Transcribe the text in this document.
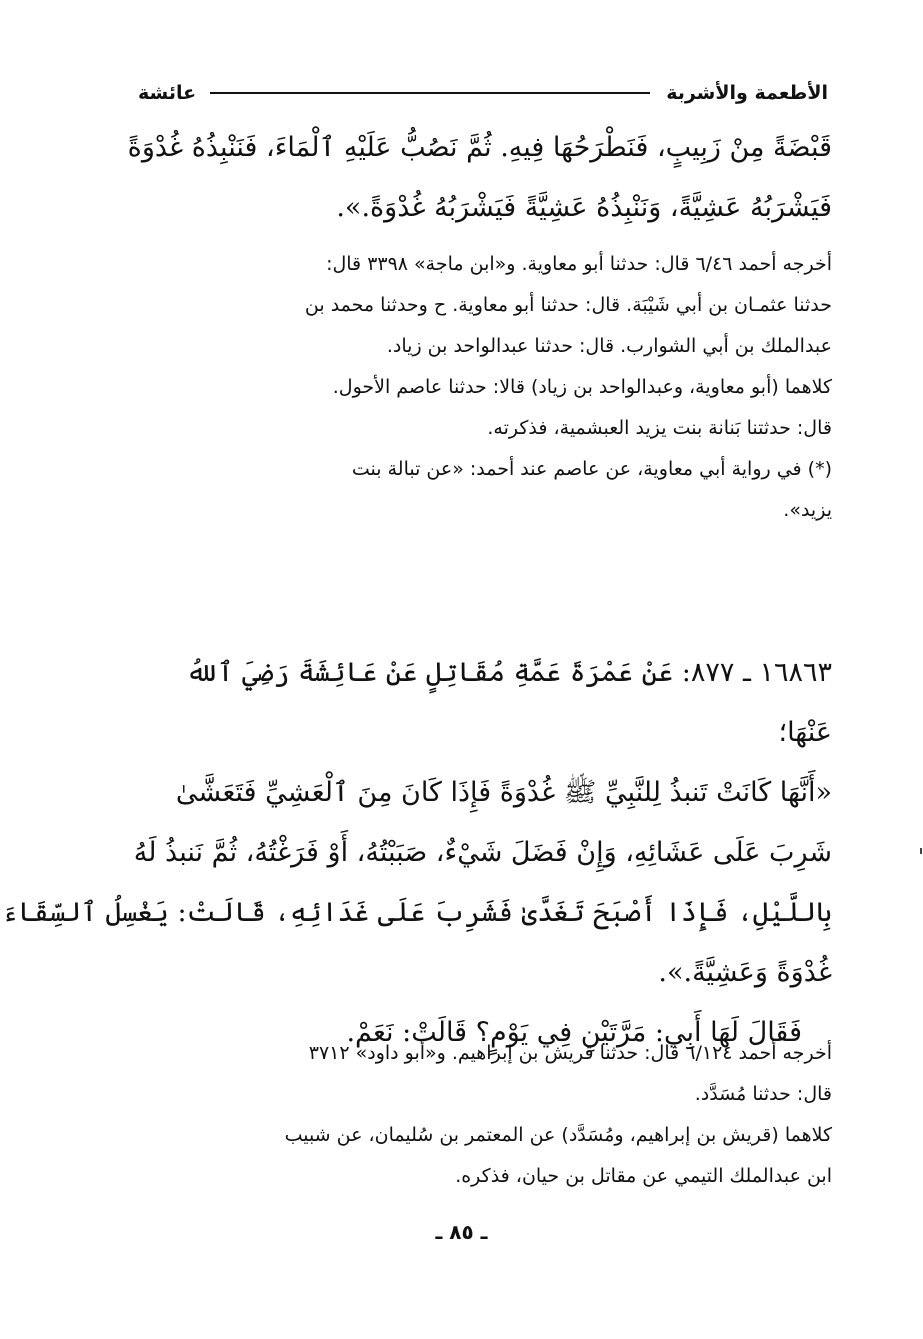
الأطعمة والأشربة
عائشة
قَبْضَةً مِنْ زَبِيبٍ، فَنَطْرَحُهَا فِيهِ. ثُمَّ نَصُبُّ عَلَيْهِ ٱلْمَاءَ، فَنَنْبِذُهُ غُدْوَةً
فَيَشْرَبُهُ عَشِيَّةً، وَنَنْبِذُهُ عَشِيَّةً فَيَشْرَبُهُ غُدْوَةً.».
أخرجه أحمد ٦/٤٦ قال: حدثنا أبو معاوية. و«ابن ماجة» ٣٣٩٨ قال:
حدثنا عثمـان بن أبي شَيْبَة. قال: حدثنا أبو معاوية. ح وحدثنا محمد بن
عبدالملك بن أبي الشوارب. قال: حدثنا عبدالواحد بن زياد.
كلاهما (أبو معاوية، وعبدالواحد بن زياد) قالا: حدثنا عاصم الأحول.
قال: حدثتنا بَنانة بنت يزيد العبشمية، فذكرته.
(*) في رواية أبي معاوية، عن عاصم عند أحمد: «عن تبالة بنت
يزيد».
١٦٨٦٣ ـ ٨٧٧: عَنْ عَمْرَةَ عَمَّةِ مُقَاتِلٍ عَنْ عَائِشَةَ رَضِيَ ٱللهُ
عَنْهَا؛
«أَنَّهَا كَانَتْ تَنبذُ لِلنَّبِيِّ ﷺ غُدْوَةً فَإِذَا كَانَ مِنَ ٱلْعَشِيِّ فَتَعَشَّىٰ
شَرِبَ عَلَى عَشَائِهِ، وَإِنْ فَضَلَ شَيْءٌ، صَبَبْتُهُ، أَوْ فَرَغْتُهُ، ثُمَّ نَنبذُ لَهُ
بِاللَّيْلِ، فَإِذَا أَصْبَحَ تَغَدَّىٰ فَشَرِبَ عَلَى غَدَائِهِ، قَالَتْ: يَغْسِلُ ٱلسِّقَاءَ
غُدْوَةً وَعَشِيَّةً.».
فَقَالَ لَهَا أَبِي: مَرَّتَيْنِ فِي يَوْمٍ؟ قَالَتْ: نَعَمْ.
أخرجه أحمد ٦/١٢٤ قال: حدثنا قريش بن إبراهيم. و«أبو داود» ٣٧١٢
قال: حدثنا مُسَدَّد.
كلاهما (قريش بن إبراهيم، ومُسَدَّد) عن المعتمر بن سُليمان، عن شبيب
ابن عبدالملك التيمي عن مقاتل بن حيان، فذكره.
ـ ٨٥ ـ
